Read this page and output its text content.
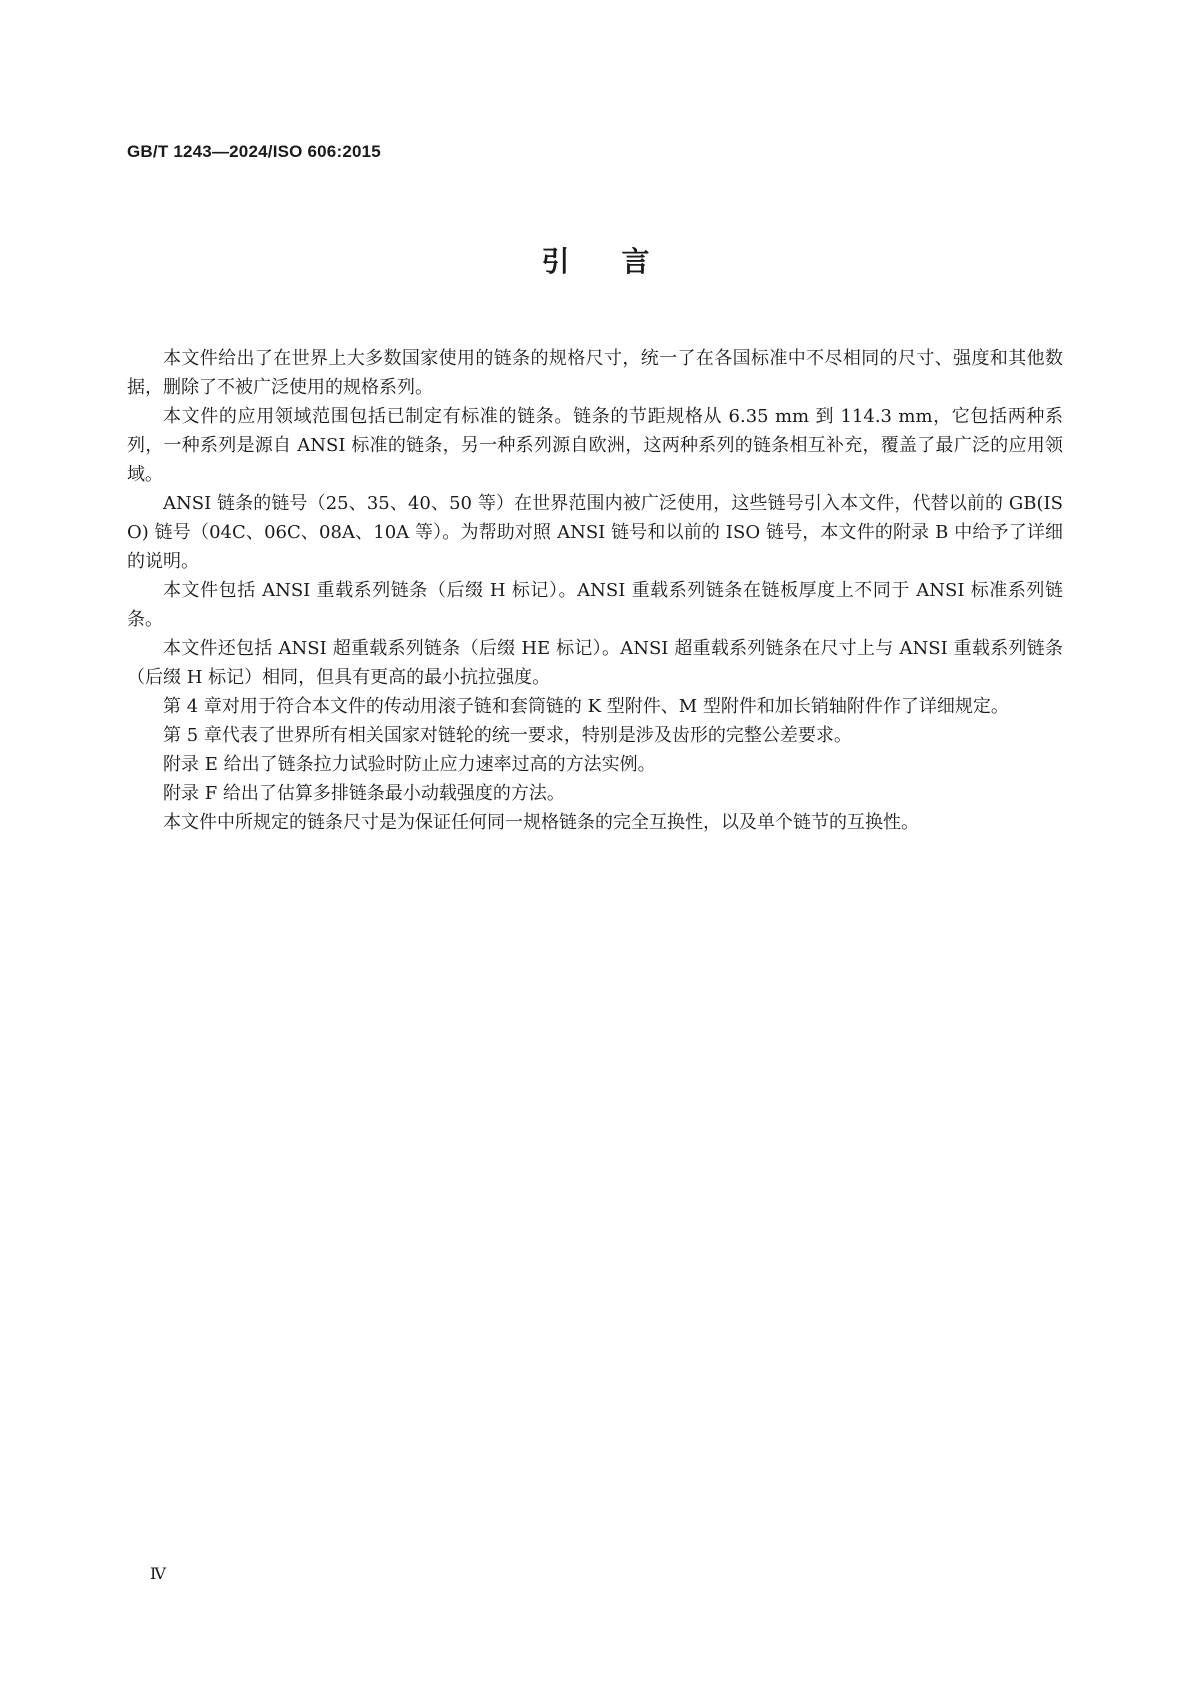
GB/T 1243—2024/ISO 606:2015

引言

本文件给出了在世界上大多数国家使用的链条的规格尺寸，统一了在各国标准中不尽相同的尺寸、强度和其他数据，删除了不被广泛使用的规格系列。

本文件的应用领域范围包括已制定有标准的链条。链条的节距规格从 6.35 mm 到 114.3 mm，它包括两种系列，一种系列是源自 ANSI 标准的链条，另一种系列源自欧洲，这两种系列的链条相互补充，覆盖了最广泛的应用领域。

ANSI 链条的链号（25、35、40、50 等）在世界范围内被广泛使用，这些链号引入本文件，代替以前的 GB(ISO) 链号（04C、06C、08A、10A 等）。为帮助对照 ANSI 链号和以前的 ISO 链号，本文件的附录 B 中给予了详细的说明。

本文件包括 ANSI 重载系列链条（后缀 H 标记）。ANSI 重载系列链条在链板厚度上不同于 ANSI 标准系列链条。

本文件还包括 ANSI 超重载系列链条（后缀 HE 标记）。ANSI 超重载系列链条在尺寸上与 ANSI 重载系列链条（后缀 H 标记）相同，但具有更高的最小抗拉强度。

第 4 章对用于符合本文件的传动用滚子链和套筒链的 K 型附件、M 型附件和加长销轴附件作了详细规定。

第 5 章代表了世界所有相关国家对链轮的统一要求，特别是涉及齿形的完整公差要求。

附录 E 给出了链条拉力试验时防止应力速率过高的方法实例。

附录 F 给出了估算多排链条最小动载强度的方法。

本文件中所规定的链条尺寸是为保证任何同一规格链条的完全互换性，以及单个链节的互换性。

Ⅳ
